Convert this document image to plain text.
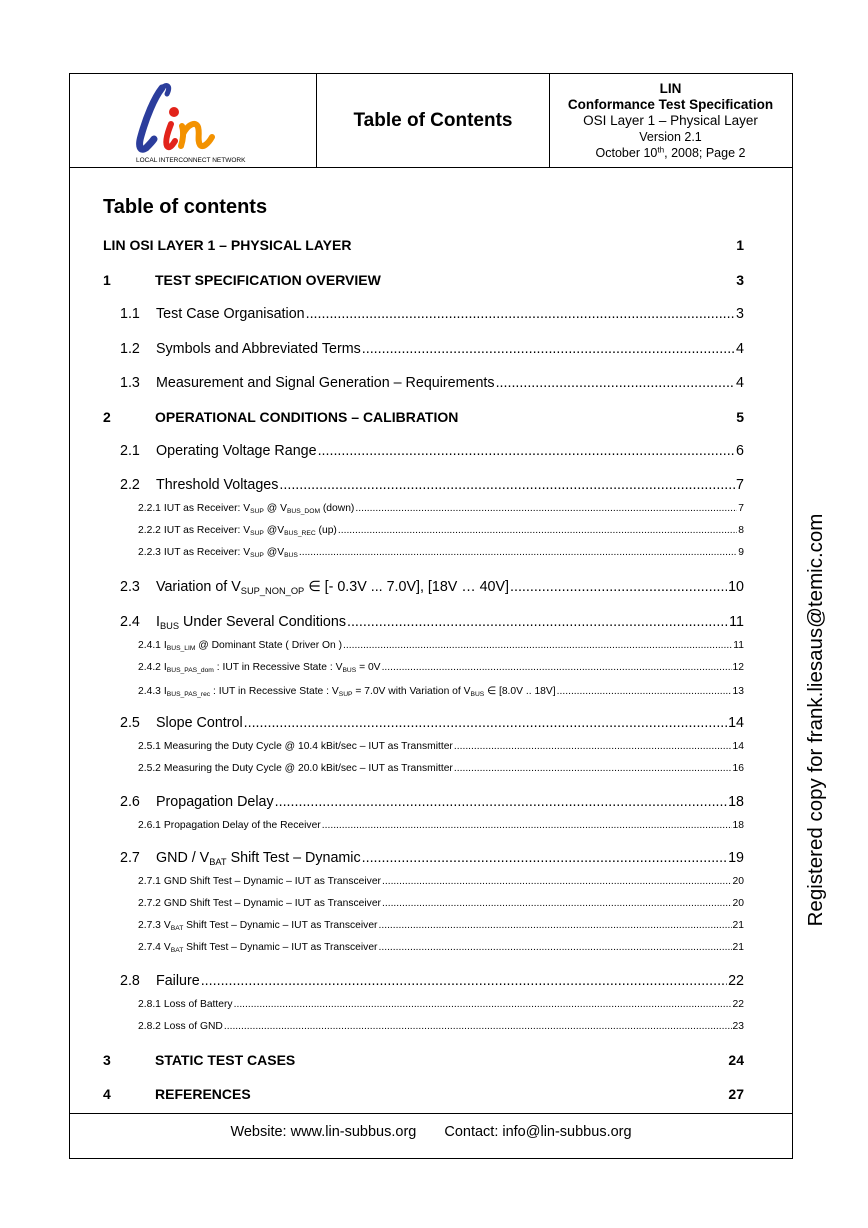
LOCAL INTERCONNECT NETWORK
Table of Contents
LIN
Conformance Test Specification
OSI Layer 1 – Physical Layer
Version 2.1
October 10th, 2008; Page 2
Website: www.lin-subbus.org Contact: info@lin-subbus.org
Table of contents
LIN OSI LAYER 1 – PHYSICAL LAYER	1
1	TEST SPECIFICATION OVERVIEW	3
1.1	Test Case Organisation .....	3
1.2	Symbols and Abbreviated Terms .....	4
1.3	Measurement and Signal Generation – Requirements .....	4
2	OPERATIONAL CONDITIONS – CALIBRATION	5
2.1	Operating Voltage Range .....	6
2.2	Threshold Voltages .....	7
2.2.1 IUT as Receiver: $V_{SUP}$ @ $V_{BUS\_DOM}$ (down) .....	7
2.2.2 IUT as Receiver: $V_{SUP}$ $@V_{BUS\_REC}$ (up) .....	8
2.2.3 IUT as Receiver: $V_{SUP}$ $@V_{BUS}$ .....	9
2.3	Variation of $V_{SUP\_NON\_OP}$ ∈ [- 0.3V ... 7.0V], [18V … 40V] .....	10
2.4	$I_{BUS}$ Under Several Conditions .....	11
2.4.1 $I_{BUS\_LIM}$ @ Dominant State ( Driver On ) .....	11
2.4.2 $I_{BUS\_PAS\_dom}$ : IUT in Recessive State : $V_{BUS} = 0V$ .....	12
2.4.3 $I_{BUS\_PAS\_rec}$ : IUT in Recessive State : $V_{SUP} = 7.0V$ with Variation of $V_{BUS}$ ∈ [8.0V .. 18V] .....	13
2.5	Slope Control .....	14
2.5.1 Measuring the Duty Cycle @ 10.4 kBit/sec – IUT as Transmitter .....	14
2.5.2 Measuring the Duty Cycle @ 20.0 kBit/sec – IUT as Transmitter .....	16
2.6	Propagation Delay .....	18
2.6.1 Propagation Delay of the Receiver .....	18
2.7	GND / $V_{BAT}$ Shift Test – Dynamic .....	19
2.7.1 GND Shift Test – Dynamic – IUT as Transceiver .....	20
2.7.2 GND Shift Test – Dynamic – IUT as Transceiver .....	20
2.7.3 $V_{BAT}$ Shift Test – Dynamic – IUT as Transceiver .....	21
2.7.4 $V_{BAT}$ Shift Test – Dynamic – IUT as Transceiver .....	21
2.8	Failure .....	22
2.8.1 Loss of Battery .....	22
2.8.2 Loss of GND .....	23
3	STATIC TEST CASES	24
4	REFERENCES	27
Registered copy for frank.liesaus@temic.com
